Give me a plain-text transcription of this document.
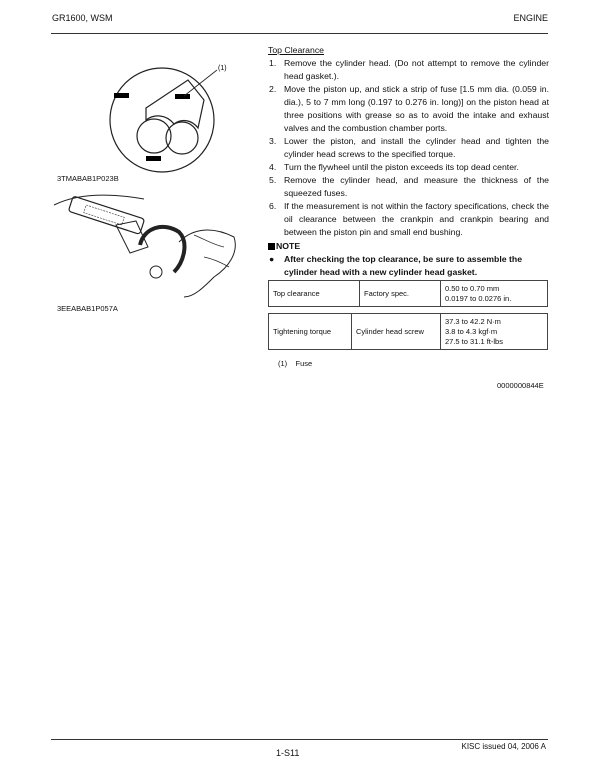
GR1600, WSM	ENGINE
(1)
3TMABAB1P023B
3EEABAB1P057A
Top Clearance
1. Remove the cylinder head. (Do not attempt to remove the cylinder head gasket.).
2. Move the piston up, and stick a strip of fuse [1.5 mm dia. (0.059 in. dia.), 5 to 7 mm long (0.197 to 0.276 in. long)] on the piston head at three positions with grease so as to avoid the intake and exhaust valves and the combustion chamber ports.
3. Lower the piston, and install the cylinder head and tighten the cylinder head screws to the specified torque.
4. Turn the flywheel until the piston exceeds its top dead center.
5. Remove the cylinder head, and measure the thickness of the squeezed fuses.
6. If the measurement is not within the factory specifications, check the oil clearance between the crankpin and crankpin bearing and between the piston pin and small end bushing.
NOTE
● After checking the top clearance, be sure to assemble the cylinder head with a new cylinder head gasket.
Top clearance	Factory spec.	0.50 to 0.70 mm
0.0197 to 0.0276 in.
Tightening torque	Cylinder head screw	37.3 to 42.2 N·m
3.8 to 4.3 kgf·m
27.5 to 31.1 ft-lbs
(1)    Fuse
0000000844E
1-S11
KISC issued 04, 2006 A
